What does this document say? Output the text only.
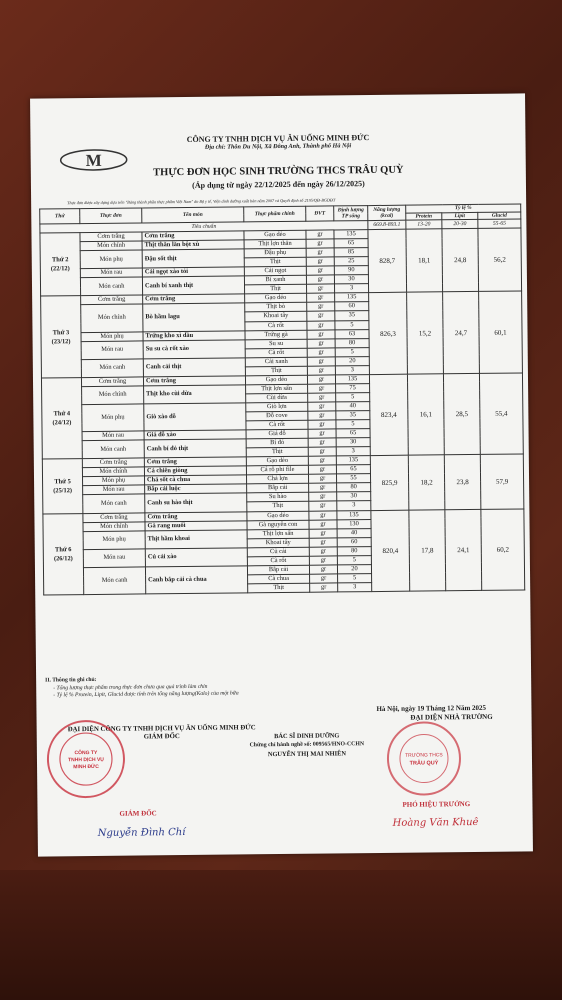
CÔNG TY TNHH DỊCH VỤ ĂN UỐNG MINH ĐỨC
Địa chỉ: Thôn Du Nội, Xã Đông Anh, Thành phố Hà Nội
M
THỰC ĐƠN HỌC SINH TRƯỜNG THCS TRÂU QUỲ
(Áp dụng từ ngày 22/12/2025 đến ngày 26/12/2025)
Thực đơn được xây dựng dựa trên "Bảng thành phần thực phẩm Việt Nam" do Bộ y tế, Viện dinh dưỡng xuất bản năm 2007 và Quyết định số 2195/QĐ-BGDĐT
Thứ	Thực đơn	Tên món	Thực phẩm chính	ĐVT	Định lượng TP sống	Năng lượng (kcal)	Tỷ lệ %		
							Protein	Lipit	Glucid
Tiêu chuẩn						669.8-893.1	13-20	20-30	55-65

Thứ 2
(22/12)	Cơm trắng	Cơm trắng	Gạo dẻo	gr	135	828,7	18,1	24,8	56,2
	Món chính	Thịt thăn lăn bột xù	Thịt lợn thăn	gr	65				
	Món phụ	Đậu sốt thịt	Đậu phụ	gr	85				
			Thịt	gr	25				
	Món rau	Cải ngọt xào tỏi	Cải ngọt	gr	90				
	Món canh	Canh bí xanh thịt	Bí xanh	gr	30				
			Thịt	gr	3				

Thứ 3
(23/12)	Cơm trắng	Cơm trắng	Gạo dẻo	gr	135	826,3	15,2	24,7	60,1
	Món chính	Bò hầm lagu	Thịt bò	gr	60				
			Khoai tây	gr	35				
			Cà rốt	gr	5				
	Món phụ	Trứng kho xì dầu	Trứng gà	gr	63				
	Món rau	Su su cà rốt xào	Su su	gr	80				
			Cà rốt	gr	5				
	Món canh	Canh cải thịt	Cải xanh	gr	20				
			Thịt	gr	3				

Thứ 4
(24/12)	Cơm trắng	Cơm trắng	Gạo dẻo	gr	135	823,4	16,1	28,5	55,4
	Món chính	Thịt kho cùi dừa	Thịt lợn sấn	gr	75				
			Cùi dừa	gr	5				
	Món phụ	Giò xào đỗ	Giò lợn	gr	40				
			Đỗ cove	gr	35				
			Cà rốt	gr	5				
	Món rau	Giá đỗ xào	Giá đỗ	gr	65				
	Món canh	Canh bí đỏ thịt	Bí đỏ	gr	30				
			Thịt	gr	3				

Thứ 5
(25/12)	Cơm trắng	Cơm trắng	Gạo dẻo	gr	135	825,9	18,2	23,8	57,9
	Món chính	Cá chiên giòng	Cá rô phi file	gr	65				
	Món phụ	Chả sốt cà chua	Chả lợn	gr	55				
	Món rau	Bắp cải luộc	Bắp cải	gr	80				
	Món canh	Canh su hào thịt	Su hào	gr	30				
			Thịt	gr	3				

Thứ 6
(26/12)	Cơm trắng	Cơm trắng	Gạo dẻo	gr	135	820,4	17,8	24,1	60,2
	Món chính	Gà rang muối	Gà nguyên con	gr	130				
	Món phụ	Thịt hầm khoai	Thịt lợn sấn	gr	40				
			Khoai tây	gr	60				
	Món rau	Củ cải xào	Củ cải	gr	80				
			Cà rốt	gr	5				
	Món canh	Canh bắp cải cà chua	Bắp cải	gr	20				
			Cà chua	gr	5				
			Thịt	gr	3				
II. Thông tin ghi chú:
- Tổng lượng thực phẩm trong thực đơn chưa qua quá trình làm chín
- Tỷ lệ % Protein, Lipit, Glucid được tính trên tổng năng lượng(Kalo) của một bữa
Hà Nội, ngày 19 Tháng 12 Năm 2025
ĐẠI DIỆN CÔNG TY TNHH DỊCH VỤ ĂN UỐNG MINH ĐỨC
GIÁM ĐỐC	BÁC SĨ DINH DƯỠNG
Chứng chỉ hành nghề số: 009565/HNO-CCHN
NGUYỄN THỊ MAI NHIÊN
ĐẠI DIỆN NHÀ TRƯỜNG
CÔNG TY
TNHH DỊCH VỤ
MINH ĐỨC
TRƯỜNG THCS
TRÂU QUỲ
GIÁM ĐỐC
Nguyễn Đình Chí
PHÓ HIỆU TRƯỞNG
Hoàng Văn Khuê
